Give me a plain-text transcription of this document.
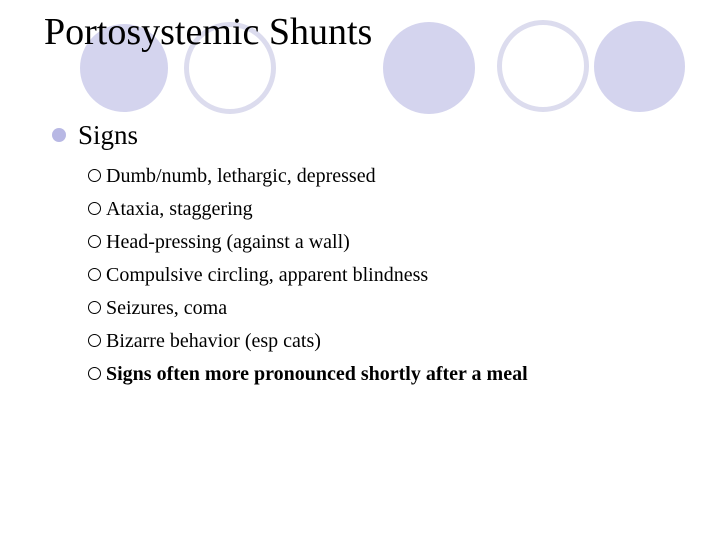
Portosystemic Shunts
Signs
Dumb/numb, lethargic, depressed
Ataxia, staggering
Head-pressing (against a wall)
Compulsive circling, apparent blindness
Seizures, coma
Bizarre behavior (esp cats)
Signs often more pronounced shortly after a meal
